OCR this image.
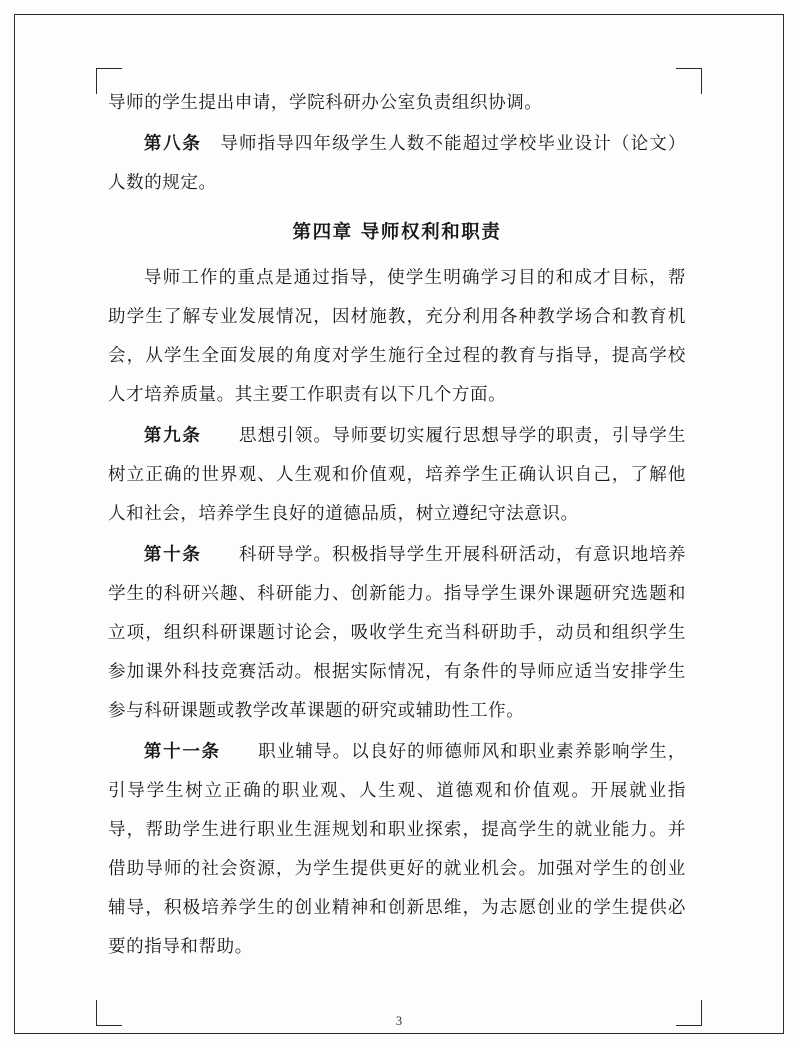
导师的学生提出申请，学院科研办公室负责组织协调。

第八条　 导师指导四年级学生人数不能超过学校毕业设计（论文）人数的规定。

第四章 导师权利和职责

导师工作的重点是通过指导，使学生明确学习目的和成才目标，帮助学生了解专业发展情况，因材施教，充分利用各种教学场合和教育机会，从学生全面发展的角度对学生施行全过程的教育与指导，提高学校人才培养质量。其主要工作职责有以下几个方面。

第九条　　 思想引领。导师要切实履行思想导学的职责，引导学生树立正确的世界观、人生观和价值观，培养学生正确认识自己，了解他人和社会，培养学生良好的道德品质，树立遵纪守法意识。

第十条　　 科研导学。积极指导学生开展科研活动，有意识地培养学生的科研兴趣、科研能力、创新能力。指导学生课外课题研究选题和立项，组织科研课题讨论会，吸收学生充当科研助手，动员和组织学生参加课外科技竞赛活动。根据实际情况，有条件的导师应适当安排学生参与科研课题或教学改革课题的研究或辅助性工作。

第十一条　　 职业辅导。以良好的师德师风和职业素养影响学生，引导学生树立正确的职业观、人生观、道德观和价值观。开展就业指导，帮助学生进行职业生涯规划和职业探索，提高学生的就业能力。并借助导师的社会资源，为学生提供更好的就业机会。加强对学生的创业辅导，积极培养学生的创业精神和创新思维，为志愿创业的学生提供必要的指导和帮助。

3
